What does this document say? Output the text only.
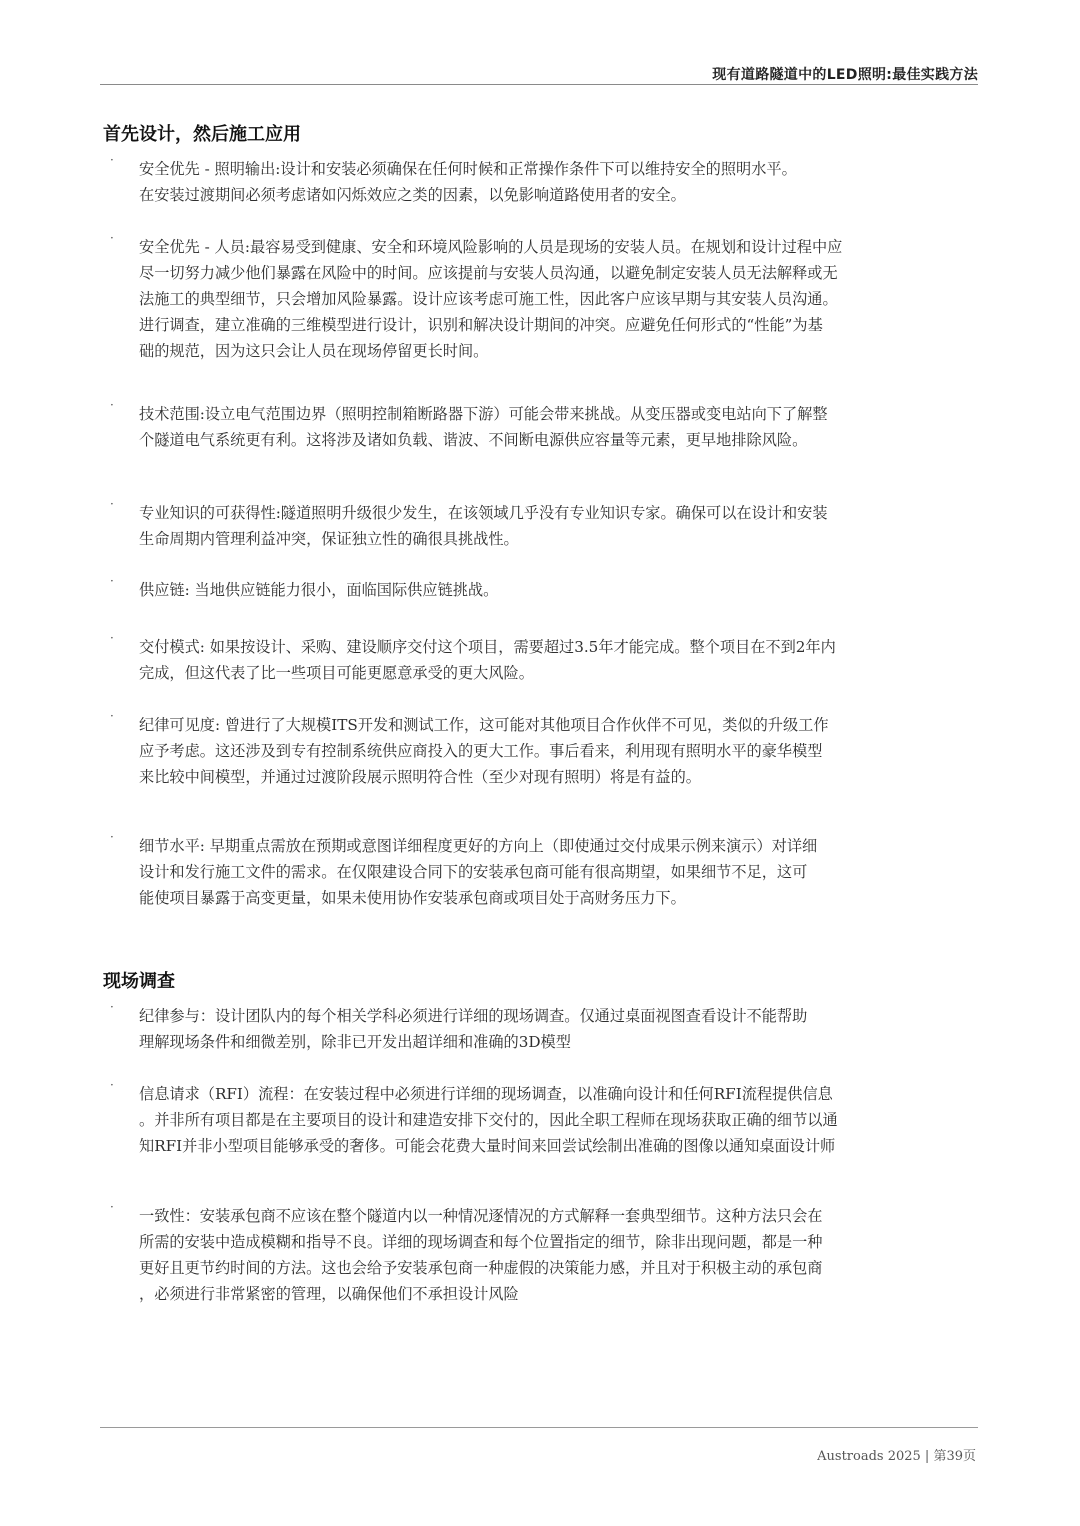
现有道路隧道中的LED照明:最佳实践方法
首先设计，然后施工应用
· 安全优先 - 照明输出:设计和安装必须确保在任何时候和正常操作条件下可以维持安全的照明水平。
在安装过渡期间必须考虑诸如闪烁效应之类的因素，以免影响道路使用者的安全。
· 安全优先 - 人员:最容易受到健康、安全和环境风险影响的人员是现场的安装人员。在规划和设计过程中应
尽一切努力减少他们暴露在风险中的时间。应该提前与安装人员沟通，以避免制定安装人员无法解释或无
法施工的典型细节，只会增加风险暴露。设计应该考虑可施工性，因此客户应该早期与其安装人员沟通。
进行调查，建立准确的三维模型进行设计，识别和解决设计期间的冲突。应避免任何形式的“性能”为基
础的规范，因为这只会让人员在现场停留更长时间。
· 技术范围:设立电气范围边界（照明控制箱断路器下游）可能会带来挑战。从变压器或变电站向下了解整
个隧道电气系统更有利。这将涉及诸如负载、谐波、不间断电源供应容量等元素，更早地排除风险。
· 专业知识的可获得性:隧道照明升级很少发生，在该领域几乎没有专业知识专家。确保可以在设计和安装
生命周期内管理利益冲突，保证独立性的确很具挑战性。
· 供应链: 当地供应链能力很小，面临国际供应链挑战。
· 交付模式: 如果按设计、采购、建设顺序交付这个项目，需要超过3.5年才能完成。整个项目在不到2年内
完成，但这代表了比一些项目可能更愿意承受的更大风险。
· 纪律可见度: 曾进行了大规模ITS开发和测试工作，这可能对其他项目合作伙伴不可见，类似的升级工作
应予考虑。这还涉及到专有控制系统供应商投入的更大工作。事后看来，利用现有照明水平的豪华模型
来比较中间模型，并通过过渡阶段展示照明符合性（至少对现有照明）将是有益的。
· 细节水平: 早期重点需放在预期或意图详细程度更好的方向上（即使通过交付成果示例来演示）对详细
设计和发行施工文件的需求。在仅限建设合同下的安装承包商可能有很高期望，如果细节不足，这可
能使项目暴露于高变更量，如果未使用协作安装承包商或项目处于高财务压力下。
现场调查
· 纪律参与：设计团队内的每个相关学科必须进行详细的现场调查。仅通过桌面视图查看设计不能帮助
理解现场条件和细微差别，除非已开发出超详细和准确的3D模型
· 信息请求（RFI）流程：在安装过程中必须进行详细的现场调查，以准确向设计和任何RFI流程提供信息
。并非所有项目都是在主要项目的设计和建造安排下交付的，因此全职工程师在现场获取正确的细节以通
知RFI并非小型项目能够承受的奢侈。可能会花费大量时间来回尝试绘制出准确的图像以通知桌面设计师
· 一致性：安装承包商不应该在整个隧道内以一种情况逐情况的方式解释一套典型细节。这种方法只会在
所需的安装中造成模糊和指导不良。详细的现场调查和每个位置指定的细节，除非出现问题，都是一种
更好且更节约时间的方法。这也会给予安装承包商一种虚假的决策能力感，并且对于积极主动的承包商
，必须进行非常紧密的管理，以确保他们不承担设计风险
Austroads 2025 | 第39页
